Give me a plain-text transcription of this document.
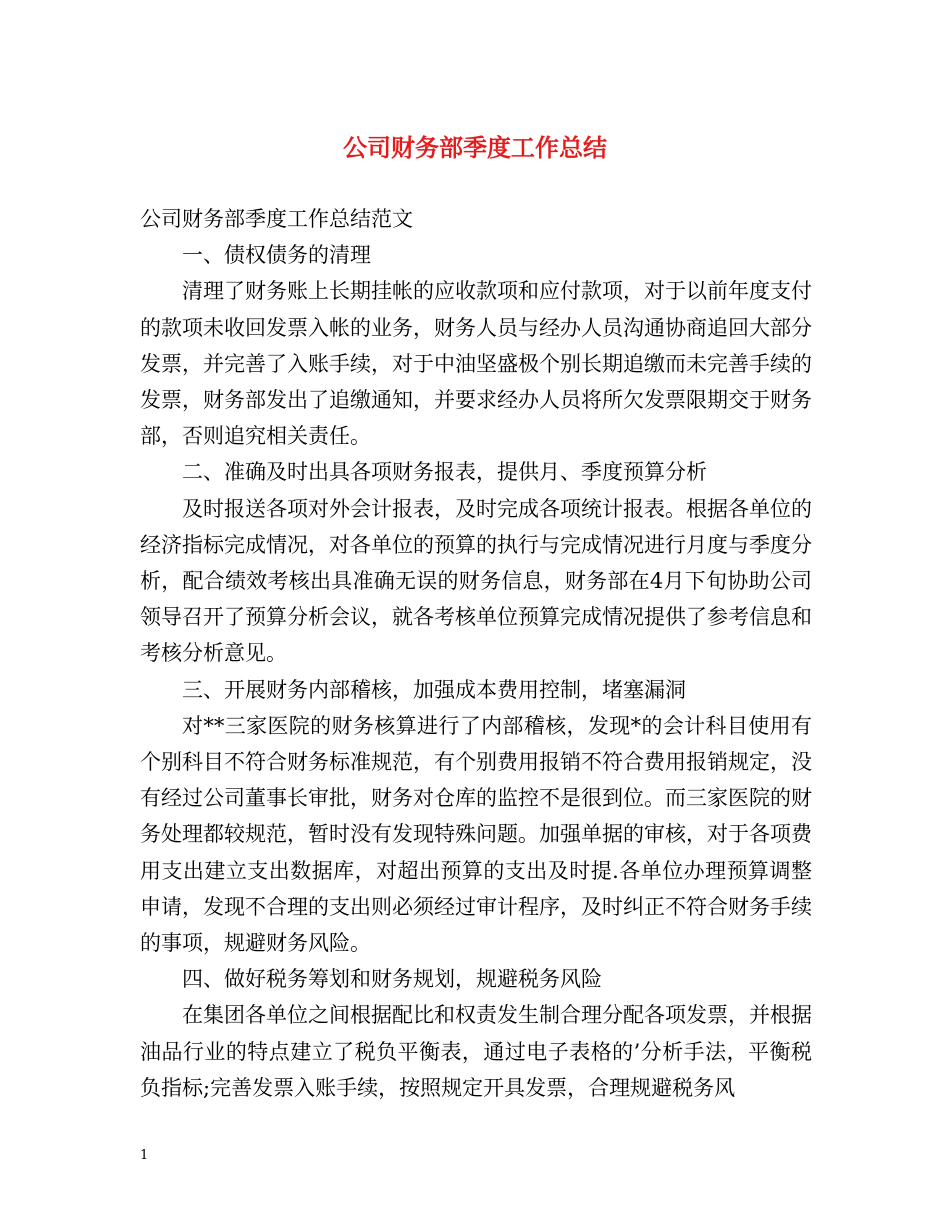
公司财务部季度工作总结

公司财务部季度工作总结范文

一、债权债务的清理

清理了财务账上长期挂帐的应收款项和应付款项，对于以前年度支付的款项未收回发票入帐的业务，财务人员与经办人员沟通协商追回大部分发票，并完善了入账手续，对于中油坚盛极个别长期追缴而未完善手续的发票，财务部发出了追缴通知，并要求经办人员将所欠发票限期交于财务部，否则追究相关责任。

二、准确及时出具各项财务报表，提供月、季度预算分析

及时报送各项对外会计报表，及时完成各项统计报表。根据各单位的经济指标完成情况，对各单位的预算的执行与完成情况进行月度与季度分析，配合绩效考核出具准确无误的财务信息，财务部在4月下旬协助公司领导召开了预算分析会议，就各考核单位预算完成情况提供了参考信息和考核分析意见。

三、开展财务内部稽核，加强成本费用控制，堵塞漏洞

对**三家医院的财务核算进行了内部稽核，发现*的会计科目使用有个别科目不符合财务标准规范，有个别费用报销不符合费用报销规定，没有经过公司董事长审批，财务对仓库的监控不是很到位。而三家医院的财务处理都较规范，暂时没有发现特殊问题。加强单据的审核，对于各项费用支出建立支出数据库，对超出预算的支出及时提.各单位办理预算调整申请，发现不合理的支出则必须经过审计程序，及时纠正不符合财务手续的事项，规避财务风险。

四、做好税务筹划和财务规划，规避税务风险

在集团各单位之间根据配比和权责发生制合理分配各项发票，并根据油品行业的特点建立了税负平衡表，通过电子表格的’分析手法，平衡税负指标;完善发票入账手续，按照规定开具发票，合理规避税务风

1
